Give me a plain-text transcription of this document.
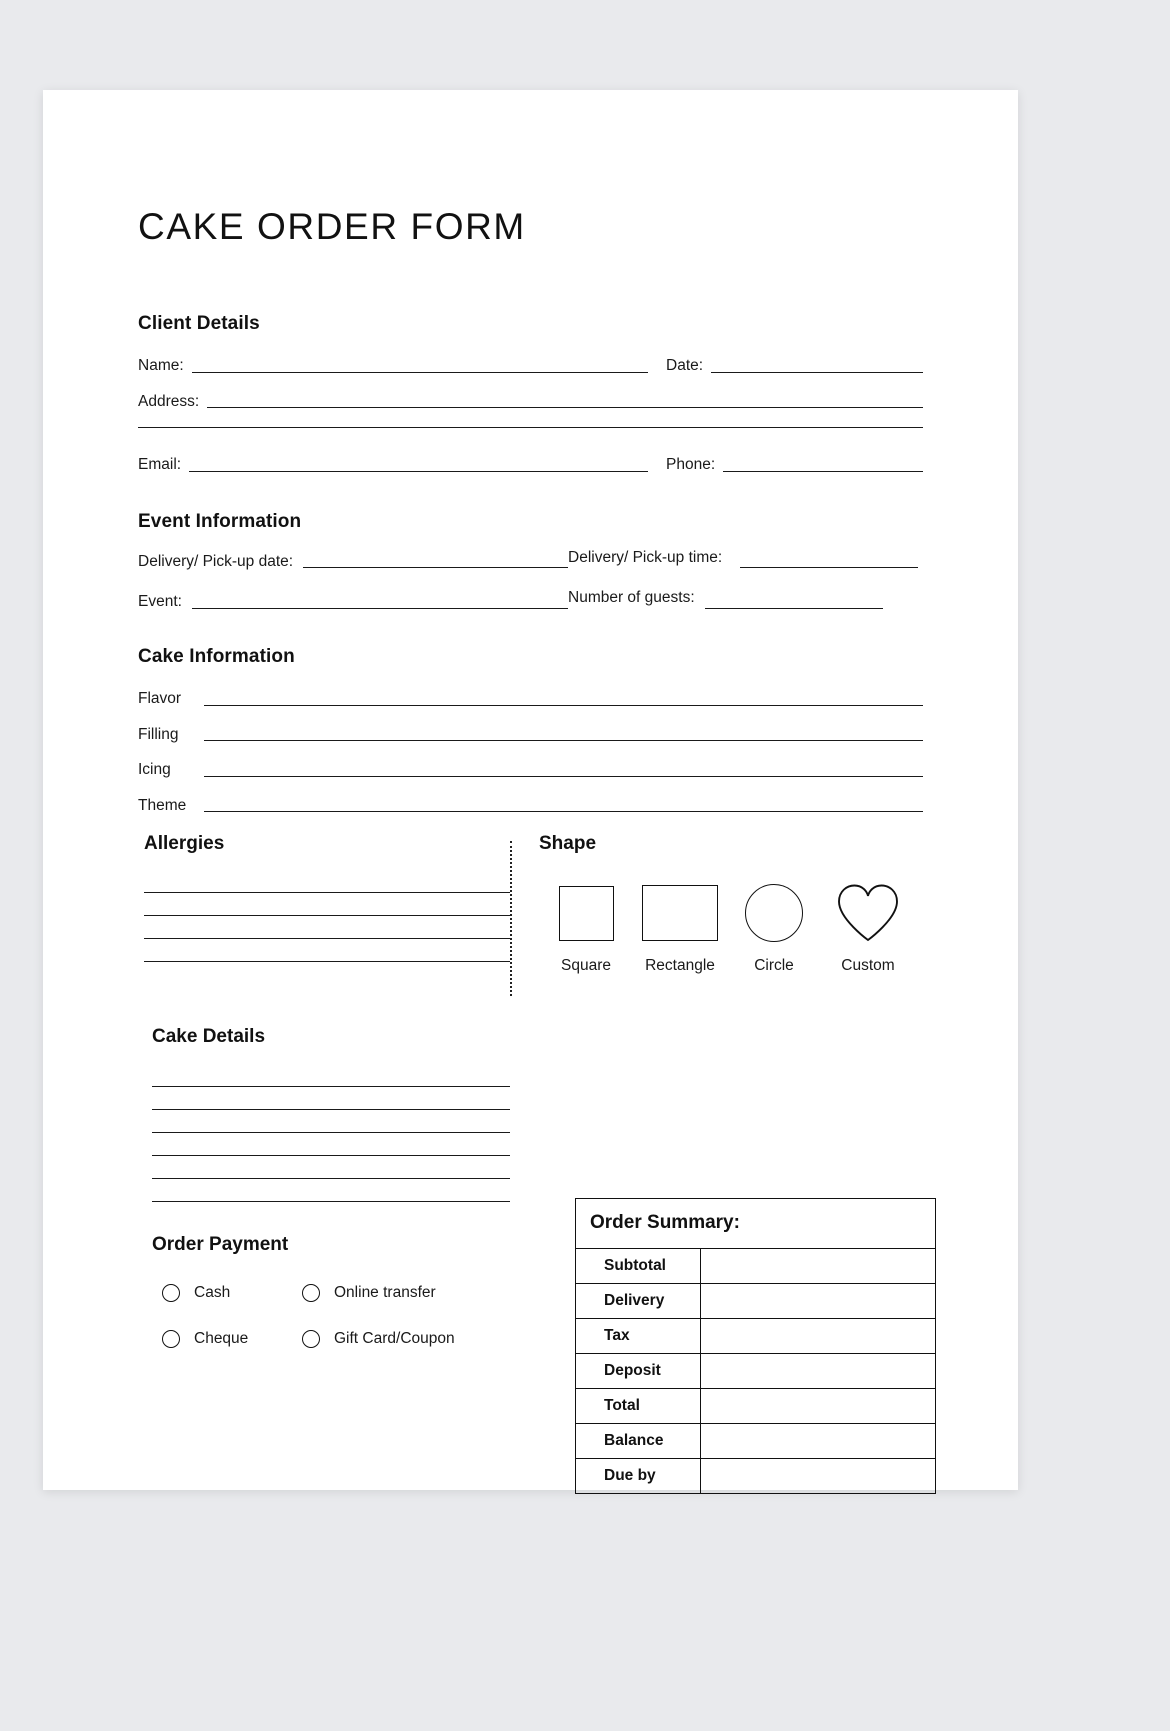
CAKE ORDER FORM
Client Details
Name:	Date:
Address:
Email:	Phone:
Event Information
Delivery/ Pick-up date:	Delivery/ Pick-up time:
Event:	Number of guests:
Cake Information
Flavor
Filling
Icing
Theme
Allergies	Shape
Square Rectangle	Circle	Custom
Cake Details
Order Payment
Cash	Online transfer
Cheque	Gift Card/Coupon
Order Summary:
Subtotal
Delivery
Tax
Deposit
Total
Balance
Due by
